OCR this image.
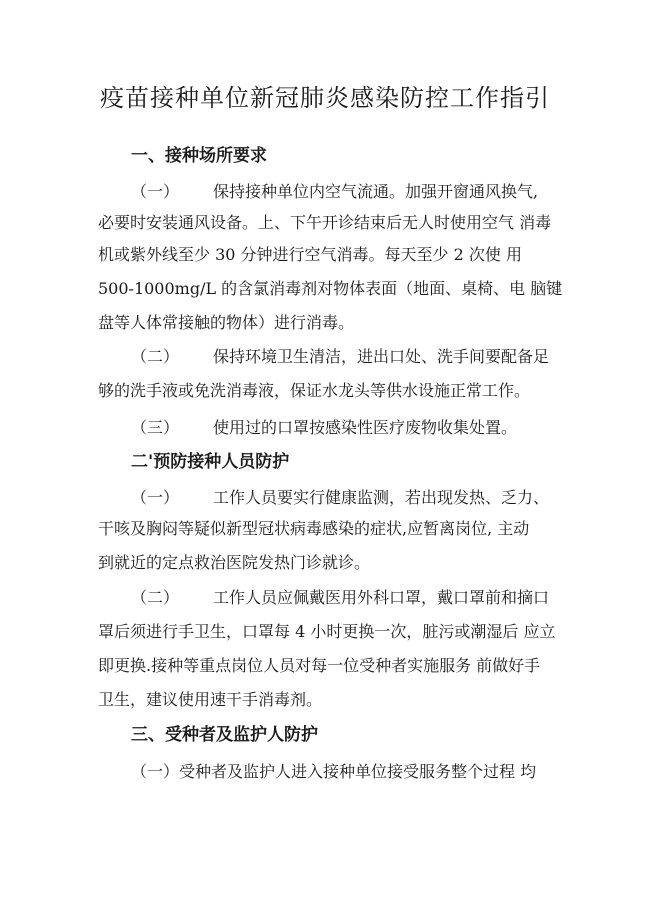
疫苗接种单位新冠肺炎感染防控工作指引

一、接种场所要求

（一） 保持接种单位内空气流通。加强开窗通风换气,

必要时安装通风设备。上、下午开诊结束后无人时使用空气 消毒

机或紫外线至少 30 分钟进行空气消毒。每天至少 2 次使 用

500-1000mg/L 的含氯消毒剂对物体表面（地面、桌椅、电 脑键

盘等人体常接触的物体）进行消毒。

（二） 保持环境卫生清洁，进出口处、洗手间要配备足

够的洗手液或免洗消毒液，保证水龙头等供水设施正常工作。

（三） 使用过的口罩按感染性医疗废物收集处置。

二'预防接种人员防护

（一） 工作人员要实行健康监测，若出现发热、乏力、

干咳及胸闷等疑似新型冠状病毒感染的症状,应暂离岗位, 主动

到就近的定点救治医院发热门诊就诊。

（二） 工作人员应佩戴医用外科口罩，戴口罩前和摘口

罩后须进行手卫生，口罩每 4 小时更换一次，脏污或潮湿后 应立

即更换.接种等重点岗位人员对每一位受种者实施服务 前做好手

卫生，建议使用速干手消毒剂。

三、受种者及监护人防护

（一）受种者及监护人进入接种单位接受服务整个过程 均
